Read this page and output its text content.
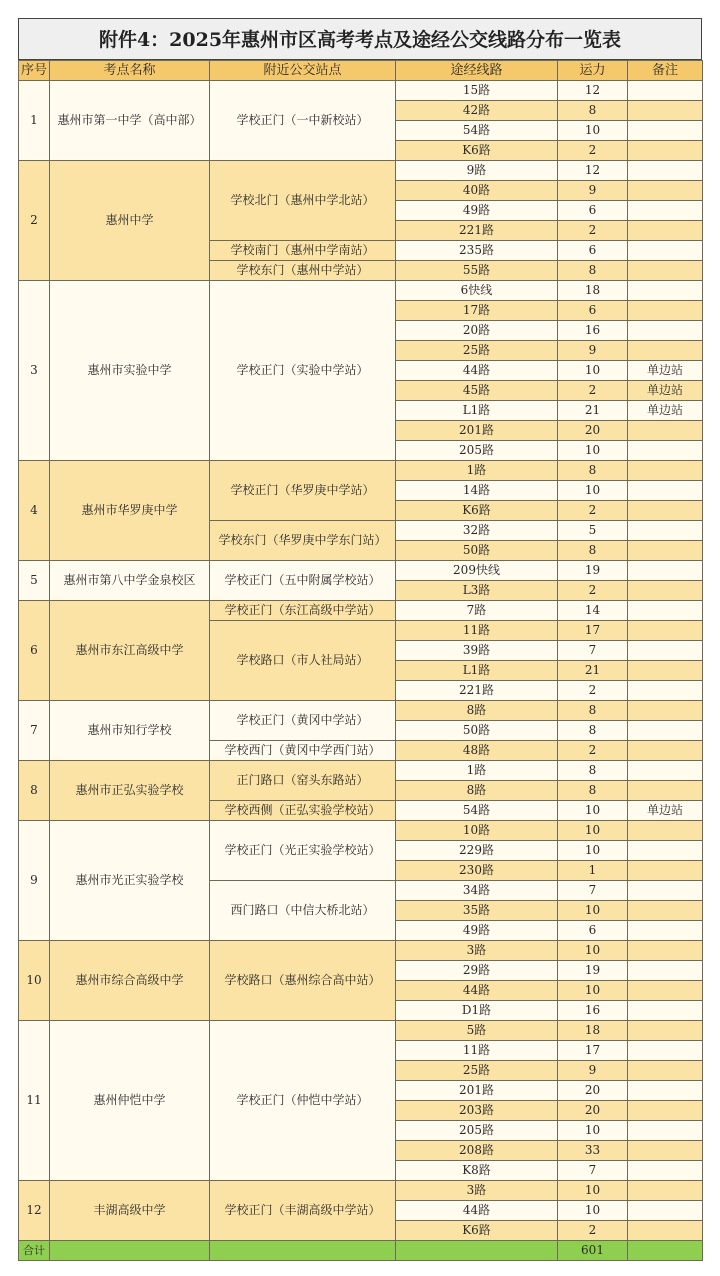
附件4：2025年惠州市区高考考点及途经公交线路分布一览表
序号	考点名称	附近公交站点	途经线路	运力	备注
1	惠州市第一中学（高中部）	学校正门（一中新校站）	15路	12	
			42路	8	
			54路	10	
			K6路	2	
2	惠州中学	学校北门（惠州中学北站）	9路	12	
			40路	9	
			49路	6	
			221路	2	
		学校南门（惠州中学南站）	235路	6	
		学校东门（惠州中学站）	55路	8	
3	惠州市实验中学	学校正门（实验中学站）	6快线	18	
			17路	6	
			20路	16	
			25路	9	
			44路	10	单边站
			45路	2	单边站
			L1路	21	单边站
			201路	20	
			205路	10	
4	惠州市华罗庚中学	学校正门（华罗庚中学站）	1路	8	
			14路	10	
			K6路	2	
		学校东门（华罗庚中学东门站）	32路	5	
			50路	8	
5	惠州市第八中学金泉校区	学校正门（五中附属学校站）	209快线	19	
			L3路	2	
6	惠州市东江高级中学	学校正门（东江高级中学站）	7路	14	
		学校路口（市人社局站）	11路	17	
			39路	7	
			L1路	21	
			221路	2	
7	惠州市知行学校	学校正门（黄冈中学站）	8路	8	
			50路	8	
		学校西门（黄冈中学西门站）	48路	2	
8	惠州市正弘实验学校	正门路口（窑头东路站）	1路	8	
			8路	8	
		学校西侧（正弘实验学校站）	54路	10	单边站
9	惠州市光正实验学校	学校正门（光正实验学校站）	10路	10	
			229路	10	
			230路	1	
		西门路口（中信大桥北站）	34路	7	
			35路	10	
			49路	6	
10	惠州市综合高级中学	学校路口（惠州综合高中站）	3路	10	
			29路	19	
			44路	10	
			D1路	16	
11	惠州仲恺中学	学校正门（仲恺中学站）	5路	18	
			11路	17	
			25路	9	
			201路	20	
			203路	20	
			205路	10	
			208路	33	
			K8路	7	
12	丰湖高级中学	学校正门（丰湖高级中学站）	3路	10	
			44路	10	
			K6路	2	
合计				601	
